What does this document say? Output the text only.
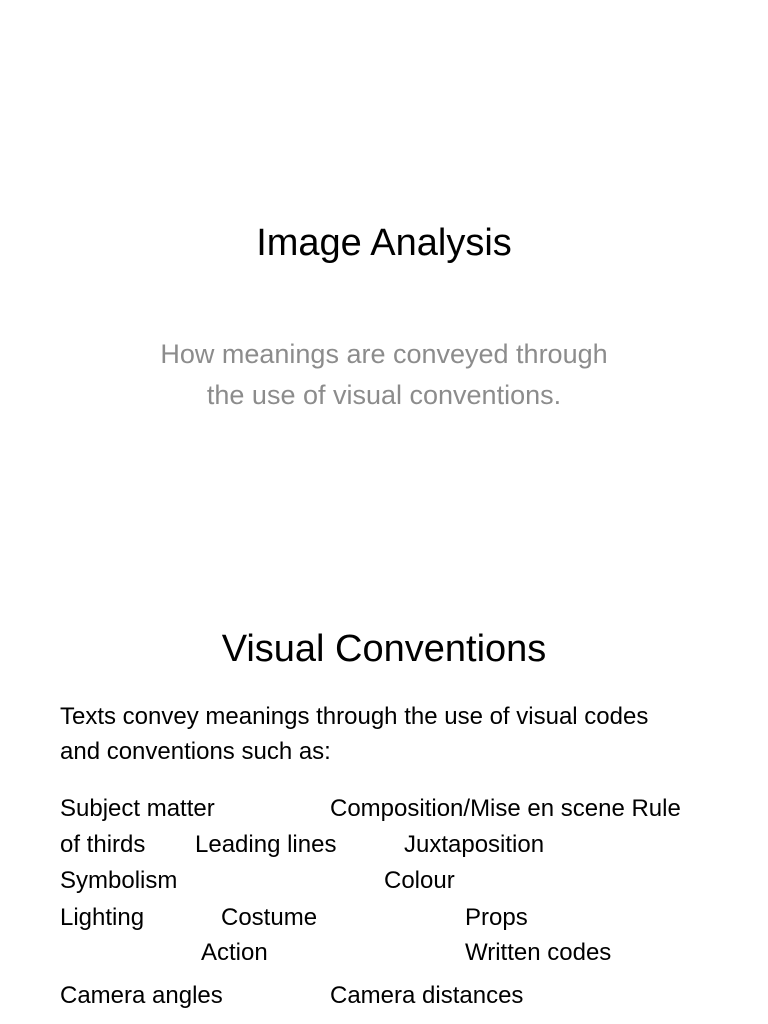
Image Analysis
How meanings are conveyed through
the use of visual conventions.
Visual Conventions
Texts convey meanings through the use of visual codes
and conventions such as:
Subject matter	Composition/Mise en scene Rule
of thirds Leading lines	Juxtaposition
Symbolism	Colour
Lighting	Costume	Props
Action	Written codes
Camera angles	Camera distances
